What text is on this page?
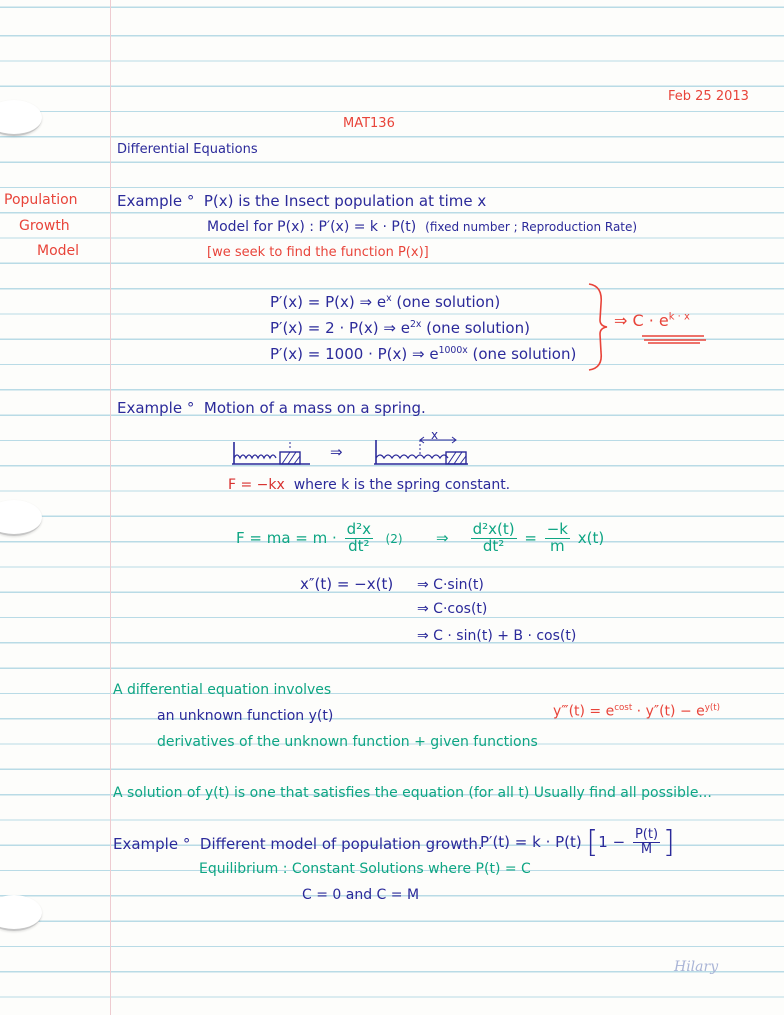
Feb 25 2013
MAT136
Differential Equations
Population
Growth
Model
Example °  P(x) is the Insect population at time x
Model for P(x) : P′(x) = k · P(t) (fixed number ; Reproduction Rate)
[we seek to find the function P(x)]
P′(x) = P(x) ⇒ $e^x$ (one solution)
P′(x) = 2 · P(x) ⇒ $e^{2x}$ (one solution)
P′(x) = 1000 · P(x) ⇒ $e^{1000x}$ (one solution)
⇒ $C \cdot e^{k \cdot x}$
Example °  Motion of a mass on a spring.
⇒
x
F = −kx where k is the spring constant.
F = ma = $m \cdot \frac{\text{d²x}}{\text{dt²}} (2)$ ⇒ $\frac{\text{d²x(t)}}{\text{dt²}} = \frac{-k}{m} x(t)$
x″(t) = −x(t) ⇒ C·sin(t)
⇒ C·cos(t)
⇒ C · sin(t) + B · cos(t)
A differential equation involves
an unknown function y(t)
derivatives of the unknown function + given functions
y‴(t) = $e^{cost} \cdot y''(t) - e^{y(t)}$
A solution of y(t) is one that satisfies the equation (for all t) Usually find all possible...
Example °  Different model of population growth.
P′(t) = k · P(t) [$1 - \frac{P(t)}{M}$ ]
Equilibrium : Constant Solutions where P(t) = C
C = 0 and C = M
Hilary
